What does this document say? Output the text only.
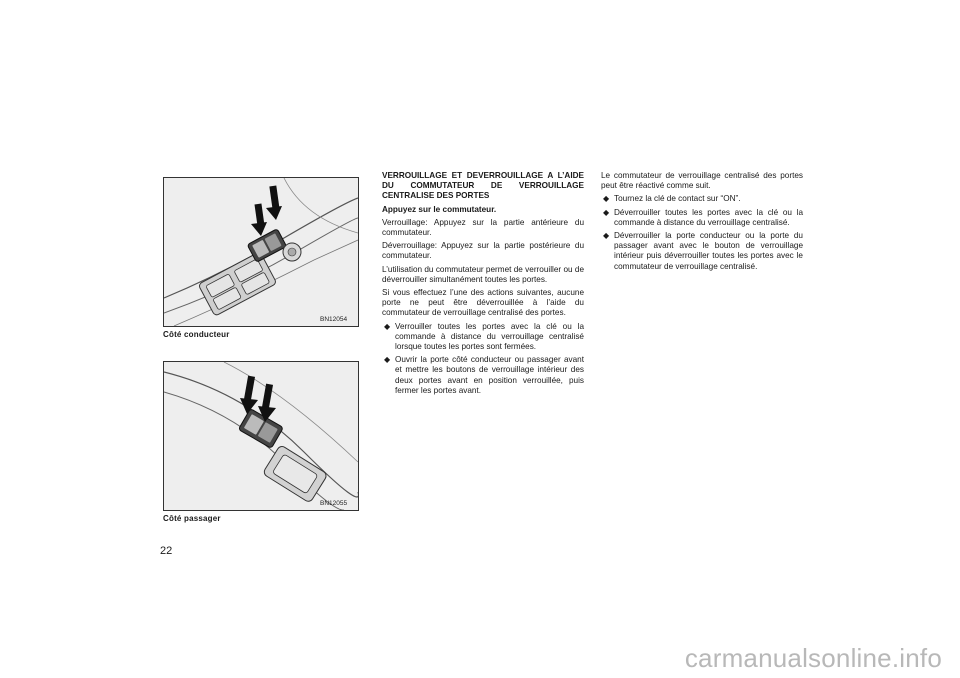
BN12054
Côté conducteur
BN12055
Côté passager
22
VERROUILLAGE ET DEVERROUILLAGE A L’AIDE DU COMMUTATEUR DE VERROUILLAGE CENTRALISE DES PORTES
Appuyez sur le commutateur.

Verrouillage: Appuyez sur la partie antérieure du commutateur.

Déverrouillage: Appuyez sur la partie postérieure du commutateur.

L’utilisation du commutateur permet de verrouiller ou de déverrouiller simultanément toutes les portes.

Si vous effectuez l’une des actions suivantes, aucune porte ne peut être déverrouillée à l’aide du commutateur de verrouillage centralisé des portes.

◆ Verrouiller toutes les portes avec la clé ou la commande à distance du verrouillage centralisé lorsque toutes les portes sont fermées.
◆ Ouvrir la porte côté conducteur ou passager avant et mettre les boutons de verrouillage intérieur des deux portes avant en position verrouillée, puis fermer les portes avant.

Le commutateur de verrouillage centralisé des portes peut être réactivé comme suit.

◆ Tournez la clé de contact sur “ON”.
◆ Déverrouiller toutes les portes avec la clé ou la commande à distance du verrouillage centralisé.
◆ Déverrouiller la porte conducteur ou la porte du passager avant avec le bouton de verrouillage intérieur puis déverrouiller toutes les portes avec le commutateur de verrouillage centralisé.
carmanualsonline.info
